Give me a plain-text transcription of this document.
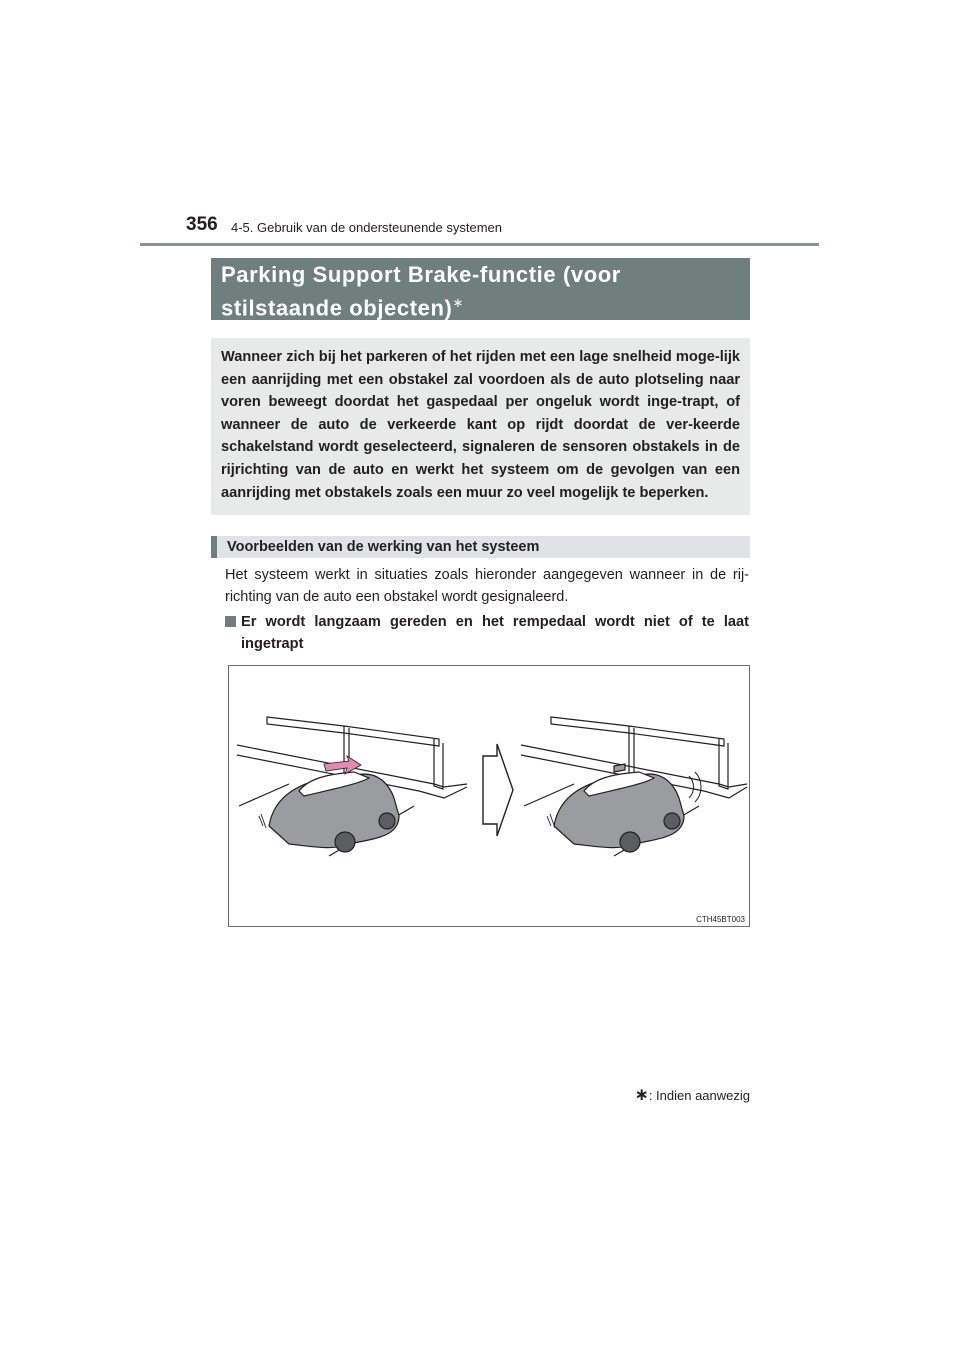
356 4-5. Gebruik van de ondersteunende systemen
Parking Support Brake-functie (voor stilstaande objecten)∗
Wanneer zich bij het parkeren of het rijden met een lage snelheid moge-lijk een aanrijding met een obstakel zal voordoen als de auto plotseling naar voren beweegt doordat het gaspedaal per ongeluk wordt inge-trapt, of wanneer de auto de verkeerde kant op rijdt doordat de ver-keerde schakelstand wordt geselecteerd, signaleren de sensoren obstakels in de rijrichting van de auto en werkt het systeem om de gevolgen van een aanrijding met obstakels zoals een muur zo veel mogelijk te beperken.
Voorbeelden van de werking van het systeem
Het systeem werkt in situaties zoals hieronder aangegeven wanneer in de rij-richting van de auto een obstakel wordt gesignaleerd.
Er wordt langzaam gereden en het rempedaal wordt niet of te laat ingetrapt
CTH45BT003
∗: Indien aanwezig
